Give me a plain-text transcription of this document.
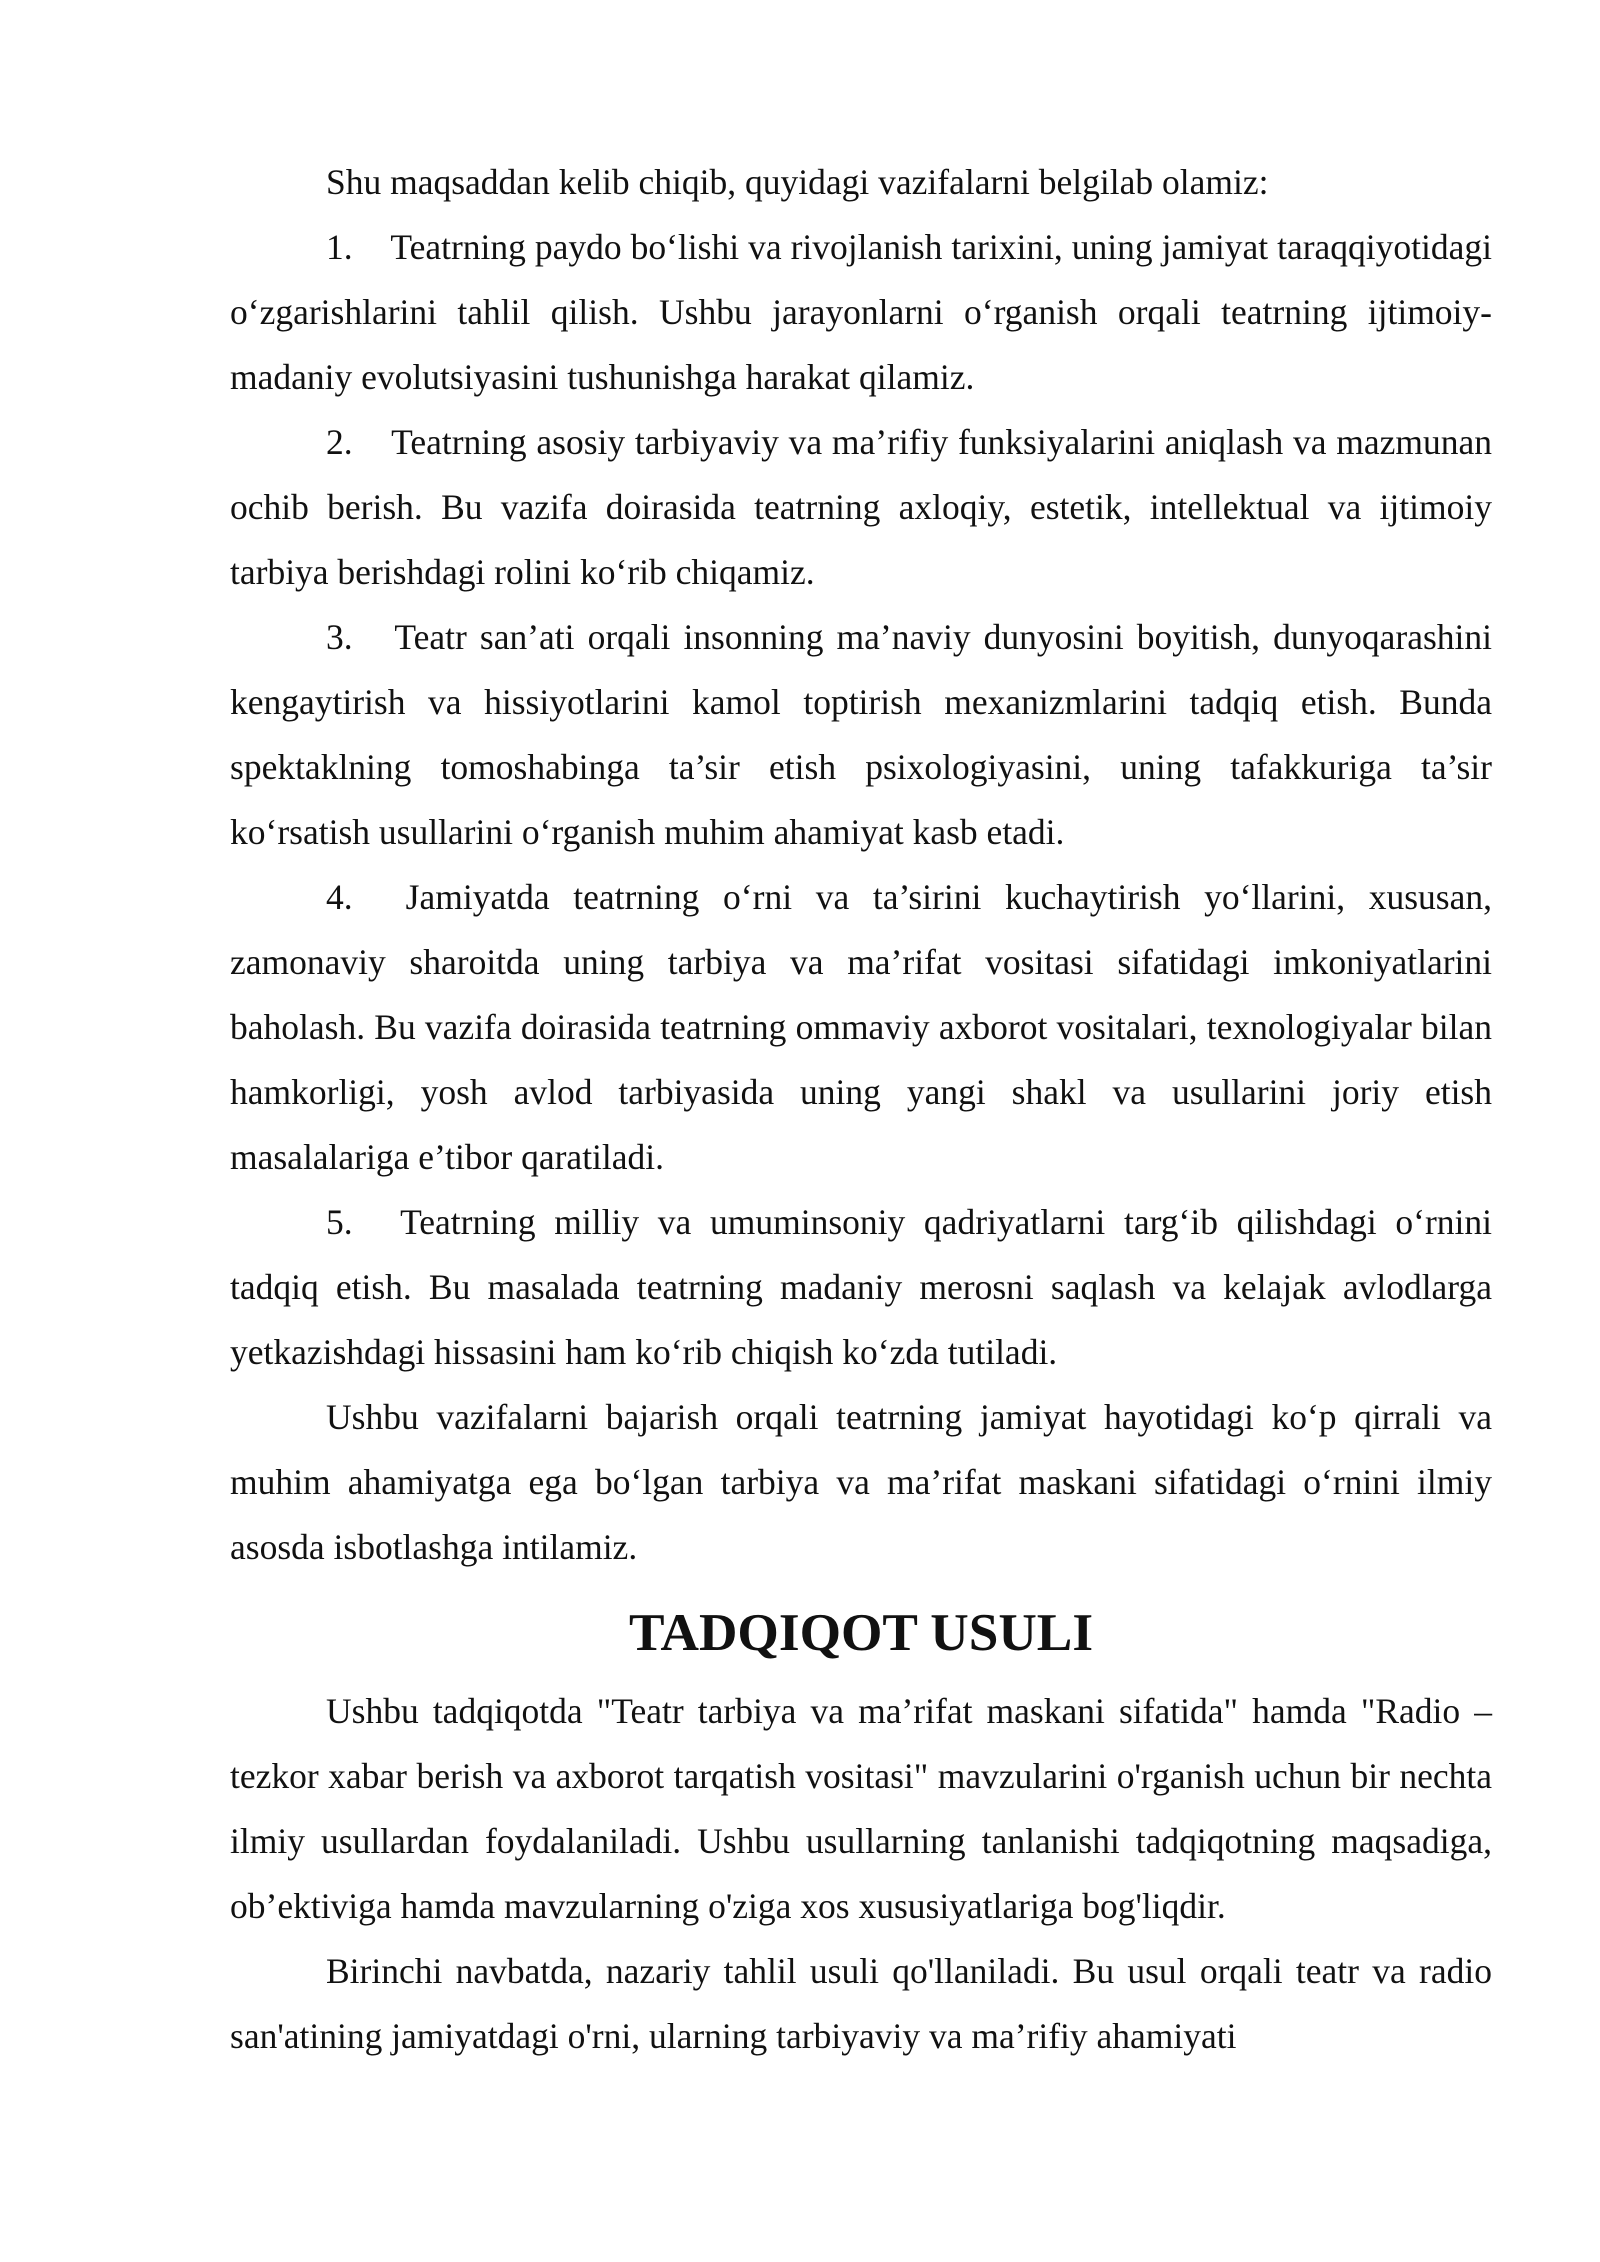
Shu maqsaddan kelib chiqib, quyidagi vazifalarni belgilab olamiz:

1. Teatrning paydo bo‘lishi va rivojlanish tarixini, uning jamiyat taraqqiyotidagi o‘zgarishlarini tahlil qilish. Ushbu jarayonlarni o‘rganish orqali teatrning ijtimoiy-madaniy evolutsiyasini tushunishga harakat qilamiz.

2. Teatrning asosiy tarbiyaviy va ma’rifiy funksiyalarini aniqlash va mazmunan ochib berish. Bu vazifa doirasida teatrning axloqiy, estetik, intellektual va ijtimoiy tarbiya berishdagi rolini ko‘rib chiqamiz.

3. Teatr san’ati orqali insonning ma’naviy dunyosini boyitish, dunyoqarashini kengaytirish va hissiyotlarini kamol toptirish mexanizmlarini tadqiq etish. Bunda spektaklning tomoshabinga ta’sir etish psixologiyasini, uning tafakkuriga ta’sir ko‘rsatish usullarini o‘rganish muhim ahamiyat kasb etadi.

4. Jamiyatda teatrning o‘rni va ta’sirini kuchaytirish yo‘llarini, xususan, zamonaviy sharoitda uning tarbiya va ma’rifat vositasi sifatidagi imkoniyatlarini baholash. Bu vazifa doirasida teatrning ommaviy axborot vositalari, texnologiyalar bilan hamkorligi, yosh avlod tarbiyasida uning yangi shakl va usullarini joriy etish masalalariga e’tibor qaratiladi.

5. Teatrning milliy va umuminsoniy qadriyatlarni targ‘ib qilishdagi o‘rnini tadqiq etish. Bu masalada teatrning madaniy merosni saqlash va kelajak avlodlarga yetkazishdagi hissasini ham ko‘rib chiqish ko‘zda tutiladi.

Ushbu vazifalarni bajarish orqali teatrning jamiyat hayotidagi ko‘p qirrali va muhim ahamiyatga ega bo‘lgan tarbiya va ma’rifat maskani sifatidagi o‘rnini ilmiy asosda isbotlashga intilamiz.

TADQIQOT USULI

Ushbu tadqiqotda "Teatr tarbiya va ma’rifat maskani sifatida" hamda "Radio – tezkor xabar berish va axborot tarqatish vositasi" mavzularini o'rganish uchun bir nechta ilmiy usullardan foydalaniladi. Ushbu usullarning tanlanishi tadqiqotning maqsadiga, ob’ektiviga hamda mavzularning o'ziga xos xususiyatlariga bog'liqdir.

Birinchi navbatda, nazariy tahlil usuli qo'llaniladi. Bu usul orqali teatr va radio san'atining jamiyatdagi o'rni, ularning tarbiyaviy va ma’rifiy ahamiyati
